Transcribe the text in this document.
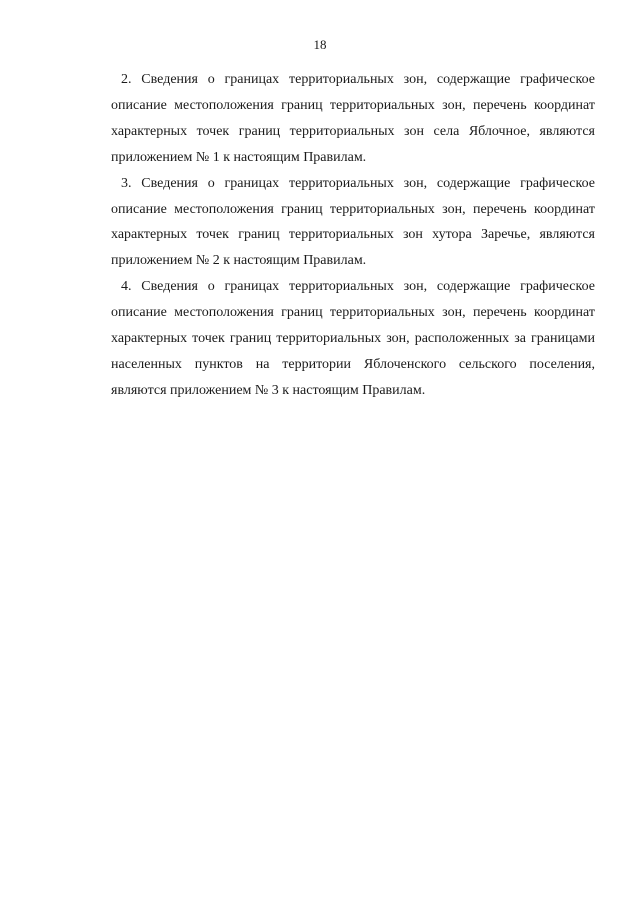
18

2. Сведения о границах территориальных зон, содержащие графическое описание местоположения границ территориальных зон, перечень координат характерных точек границ территориальных зон села Яблочное, являются приложением № 1 к настоящим Правилам.

3. Сведения о границах территориальных зон, содержащие графическое описание местоположения границ территориальных зон, перечень координат характерных точек границ территориальных зон хутора Заречье, являются приложением № 2 к настоящим Правилам.

4. Сведения о границах территориальных зон, содержащие графическое описание местоположения границ территориальных зон, перечень координат характерных точек границ территориальных зон, расположенных за границами населенных пунктов на территории Яблоченского сельского поселения, являются приложением № 3 к настоящим Правилам.
